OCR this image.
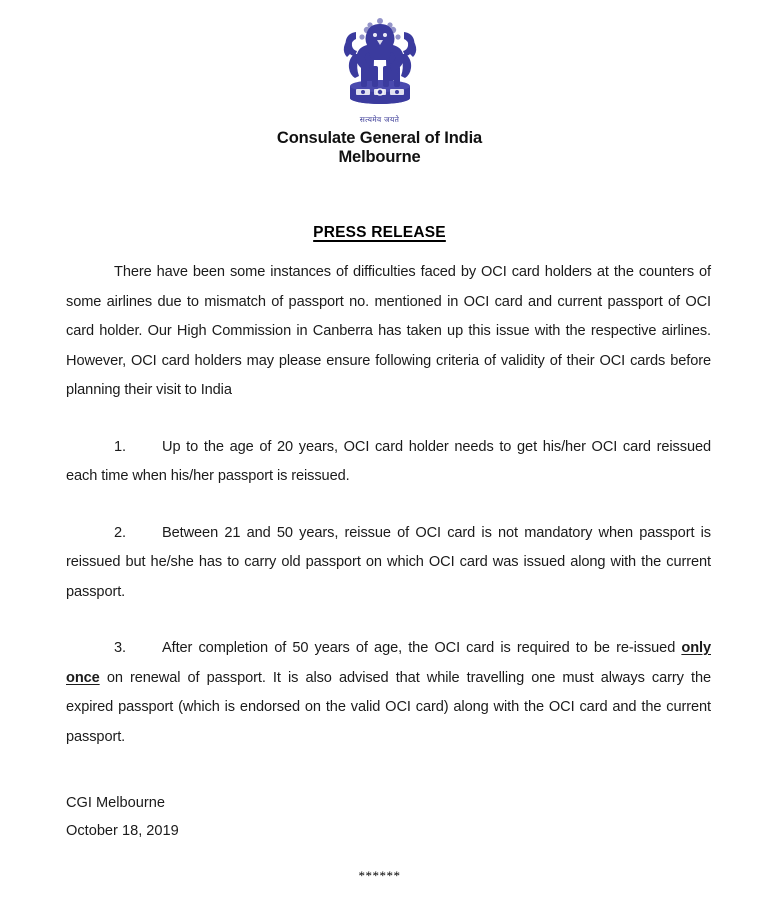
सत्यमेव जयते
Consulate General of India
Melbourne
PRESS RELEASE

There have been some instances of difficulties faced by OCI card holders at the counters of some airlines due to mismatch of passport no. mentioned in OCI card and current passport of OCI card holder. Our High Commission in Canberra has taken up this issue with the respective airlines. However, OCI card holders may please ensure following criteria of validity of their OCI cards before planning their visit to India

1. Up to the age of 20 years, OCI card holder needs to get his/her OCI card reissued each time when his/her passport is reissued.

2. Between 21 and 50 years, reissue of OCI card is not mandatory when passport is reissued but he/she has to carry old passport on which OCI card was issued along with the current passport.

3. After completion of 50 years of age, the OCI card is required to be re-issued only once on renewal of passport. It is also advised that while travelling one must always carry the expired passport (which is endorsed on the valid OCI card) along with the OCI card and the current passport.

CGI Melbourne
October 18, 2019
******
